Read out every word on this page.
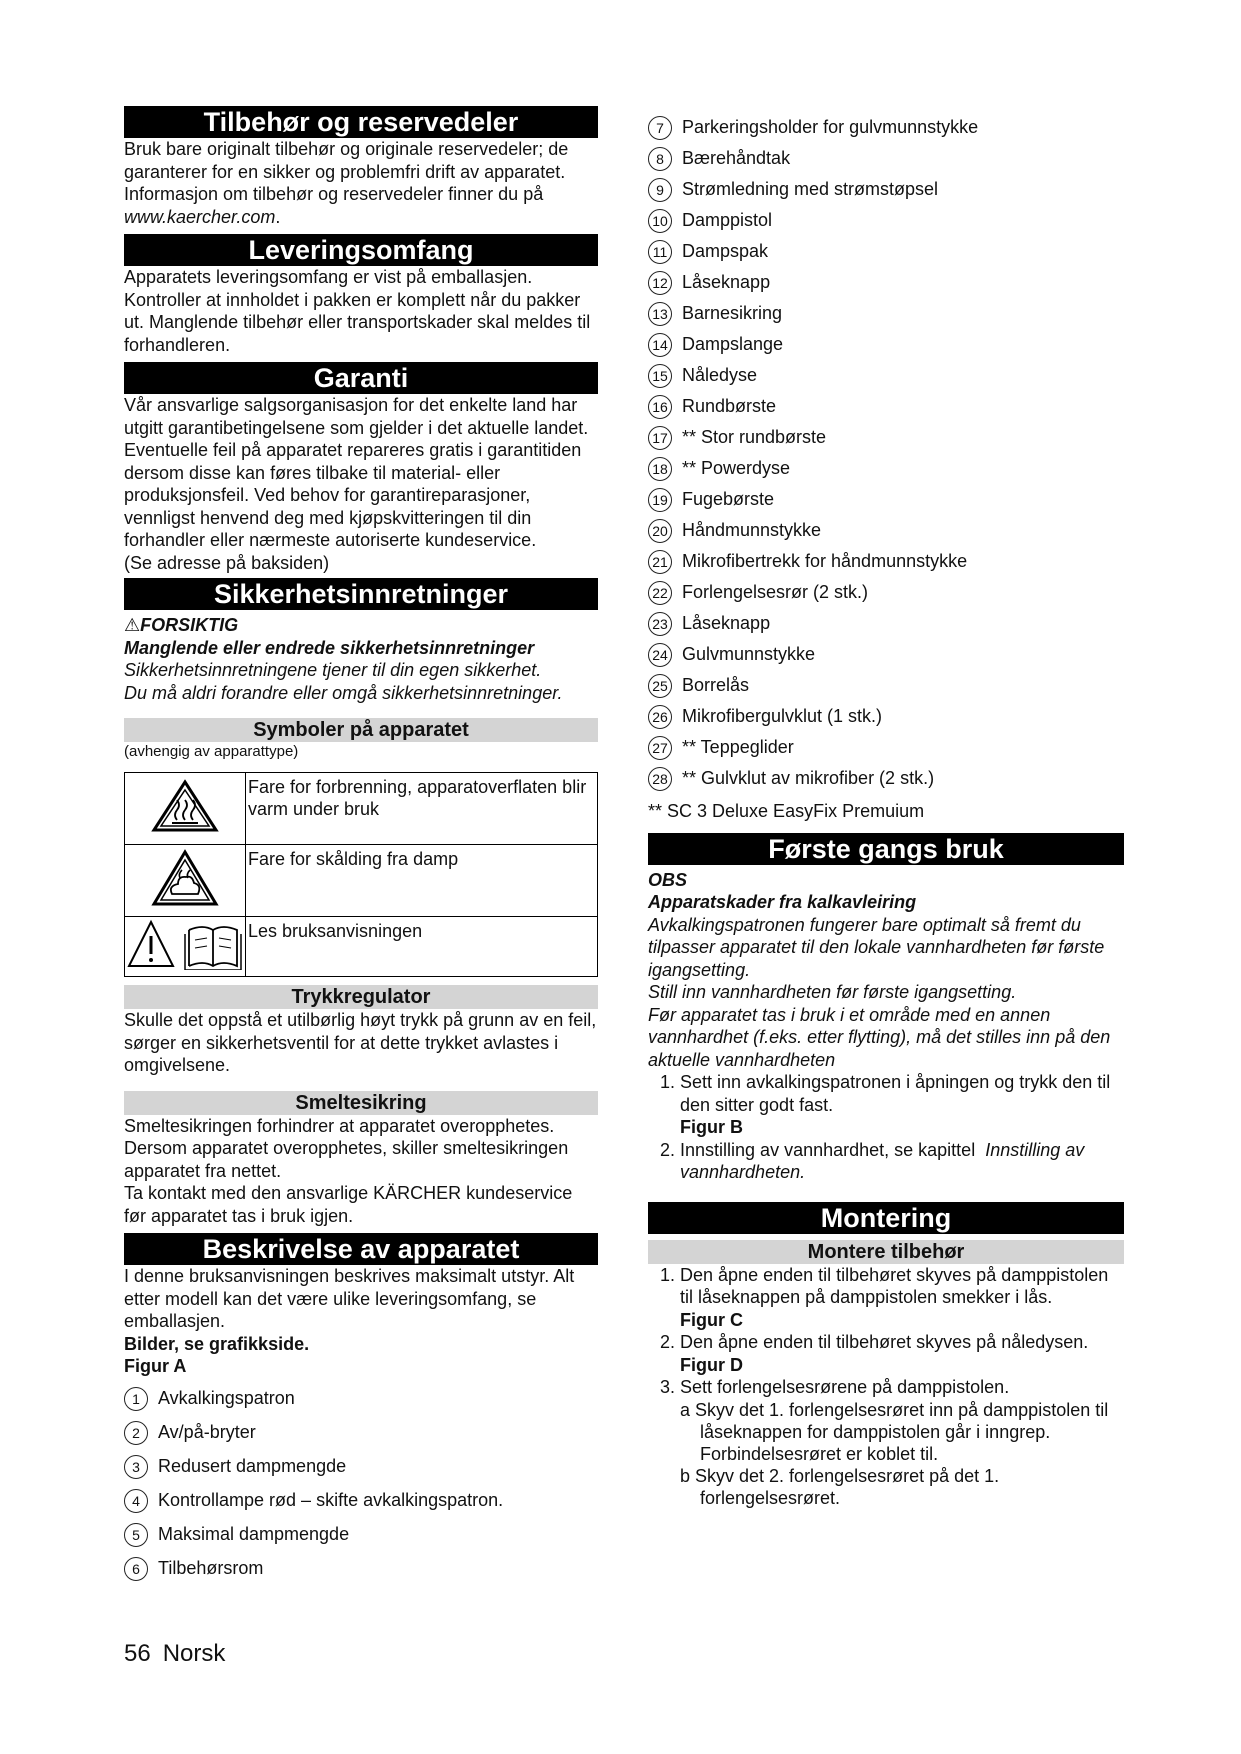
Tilbehør og reservedeler
Bruk bare originalt tilbehør og originale reservedeler; de garanterer for en sikker og problemfri drift av apparatet. Informasjon om tilbehør og reservedeler finner du på www.kaercher.com.
Leveringsomfang
Apparatets leveringsomfang er vist på emballasjen. Kontroller at innholdet i pakken er komplett når du pakker ut. Manglende tilbehør eller transportskader skal meldes til forhandleren.
Garanti
Vår ansvarlige salgsorganisasjon for det enkelte land har utgitt garantibetingelsene som gjelder i det aktuelle landet. Eventuelle feil på apparatet repareres gratis i garantitiden dersom disse kan føres tilbake til material- eller produksjonsfeil. Ved behov for garantireparasjoner, vennligst henvend deg med kjøpskvitteringen til din forhandler eller nærmeste autoriserte kundeservice.
(Se adresse på baksiden)
Sikkerhetsinnretninger
⚠FORSIKTIG
Manglende eller endrede sikkerhetsinnretninger
Sikkerhetsinnretningene tjener til din egen sikkerhet.
Du må aldri forandre eller omgå sikkerhetsinnretninger.
Symboler på apparatet
(avhengig av apparattype)
	Fare for forbrenning, apparatoverflaten blir varm under bruk
	Fare for skålding fra damp
	Les bruksanvisningen
Trykkregulator
Skulle det oppstå et utilbørlig høyt trykk på grunn av en feil, sørger en sikkerhetsventil for at dette trykket avlastes i omgivelsene.
Smeltesikring
Smeltesikringen forhindrer at apparatet overopphetes. Dersom apparatet overopphetes, skiller smeltesikringen apparatet fra nettet.
Ta kontakt med den ansvarlige KÄRCHER kundeservice før apparatet tas i bruk igjen.
Beskrivelse av apparatet
I denne bruksanvisningen beskrives maksimalt utstyr. Alt etter modell kan det være ulike leveringsomfang, se emballasjen.
Bilder, se grafikkside.
Figur A
1	Avkalkingspatron
2	Av/på-bryter
3	Redusert dampmengde
4	Kontrollampe rød – skifte avkalkingspatron.
5	Maksimal dampmengde
6	Tilbehørsrom
7	Parkeringsholder for gulvmunnstykke
8	Bærehåndtak
9	Strømledning med strømstøpsel
10 Damppistol
11 Dampspak
12 Låseknapp
13 Barnesikring
14 Dampslange
15 Nåledyse
16 Rundbørste
17 ** Stor rundbørste
18 ** Powerdyse
19 Fugebørste
20 Håndmunnstykke
21 Mikrofibertrekk for håndmunnstykke
22 Forlengelsesrør (2 stk.)
23 Låseknapp
24 Gulvmunnstykke
25 Borrelås
26 Mikrofibergulvklut (1 stk.)
27 ** Teppeglider
28 ** Gulvklut av mikrofiber (2 stk.)
** SC 3 Deluxe EasyFix Premuium
Første gangs bruk
OBS
Apparatskader fra kalkavleiring
Avkalkingspatronen fungerer bare optimalt så fremt du tilpasser apparatet til den lokale vannhardheten før første igangsetting.
Still inn vannhardheten før første igangsetting.
Før apparatet tas i bruk i et område med en annen vannhardhet (f.eks. etter flytting), må det stilles inn på den aktuelle vannhardheten
1. Sett inn avkalkingspatronen i åpningen og trykk den til den sitter godt fast.
Figur B
2. Innstilling av vannhardhet, se kapittel Innstilling av vannhardheten.
Montering
Montere tilbehør
1. Den åpne enden til tilbehøret skyves på damppistolen til låseknappen på damppistolen smekker i lås.
Figur C
2. Den åpne enden til tilbehøret skyves på nåledysen.
Figur D
3. Sett forlengelsesrørene på damppistolen.
a Skyv det 1. forlengelsesrøret inn på damppistolen til låseknappen for damppistolen går i inngrep.
Forbindelsesrøret er koblet til.
b Skyv det 2. forlengelsesrøret på det 1. forlengelsesrøret.
56 Norsk
